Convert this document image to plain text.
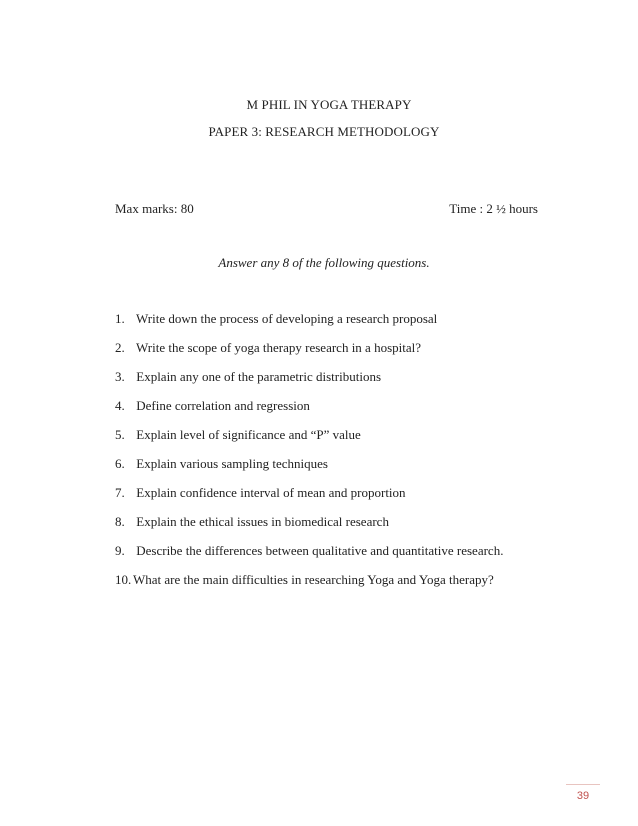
M PHIL IN YOGA THERAPY
PAPER 3: RESEARCH METHODOLOGY
Max marks: 80	Time : 2 ½ hours
Answer any 8 of the following questions.
1. Write down the process of developing a research proposal
2. Write the scope of yoga therapy research in a hospital?
3. Explain any one of the parametric distributions
4. Define correlation and regression
5. Explain level of significance and “P” value
6. Explain various sampling techniques
7. Explain confidence interval of mean and proportion
8. Explain the ethical issues in biomedical research
9. Describe the differences between qualitative and quantitative research.
10.What are the main difficulties in researching Yoga and Yoga therapy?
39
